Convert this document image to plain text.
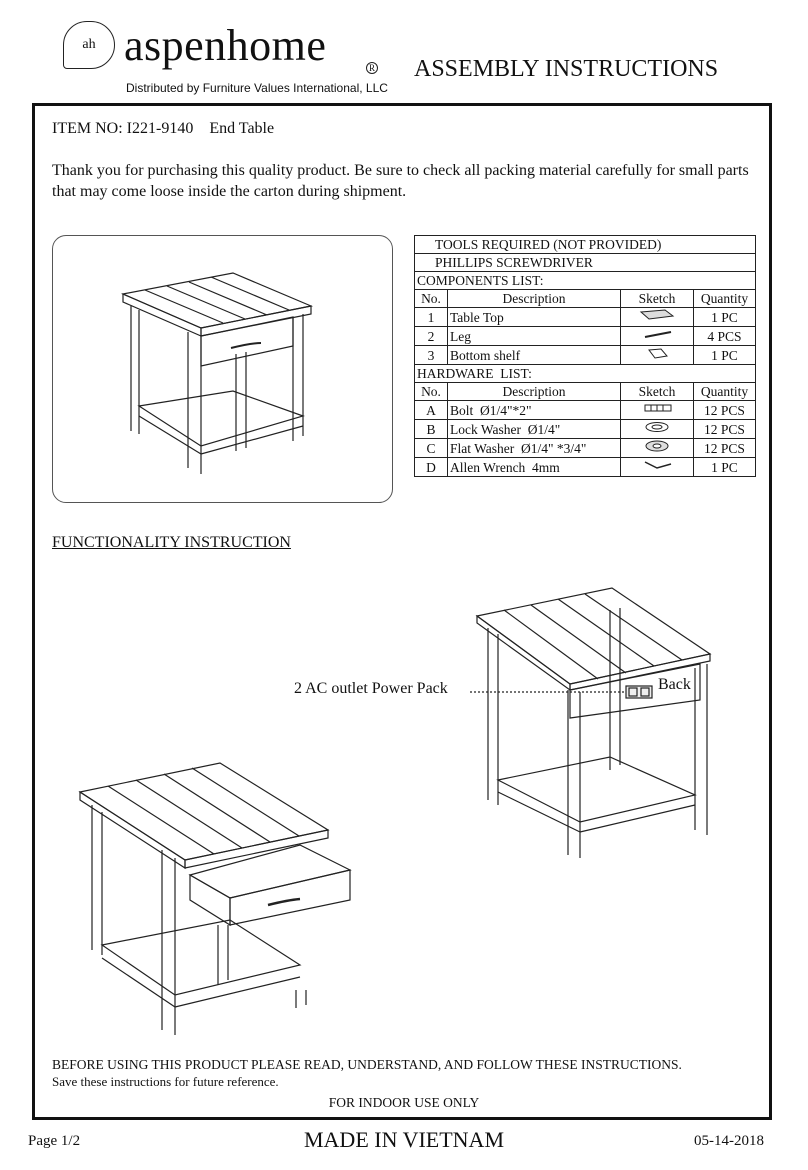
ah aspenhome	R
Distributed by Furniture Values International, LLC
ASSEMBLY INSTRUCTIONS
ITEM NO: I221-9140    End Table
Thank you for purchasing this quality product. Be sure to check all packing material carefully for small parts that may come loose inside the carton during shipment.
TOOLS REQUIRED (NOT PROVIDED)			
PHILLIPS SCREWDRIVER			
COMPONENTS LIST:			
No.	Description	Sketch	Quantity
1	Table Top		1 PC
2	Leg		4 PCS
3	Bottom shelf		1 PC
HARDWARE  LIST:			
No.	Description	Sketch	Quantity
A	Bolt  Ø1/4"*2"		12 PCS
B	Lock Washer  Ø1/4"		12 PCS
C	Flat Washer  Ø1/4" *3/4"		12 PCS
D	Allen Wrench  4mm		1 PC
FUNCTIONALITY INSTRUCTION
2 AC outlet Power Pack	Back
BEFORE USING THIS PRODUCT PLEASE READ, UNDERSTAND, AND FOLLOW THESE INSTRUCTIONS.
Save these instructions for future reference.
FOR INDOOR USE ONLY
Page 1/2	MADE IN VIETNAM	05-14-2018
